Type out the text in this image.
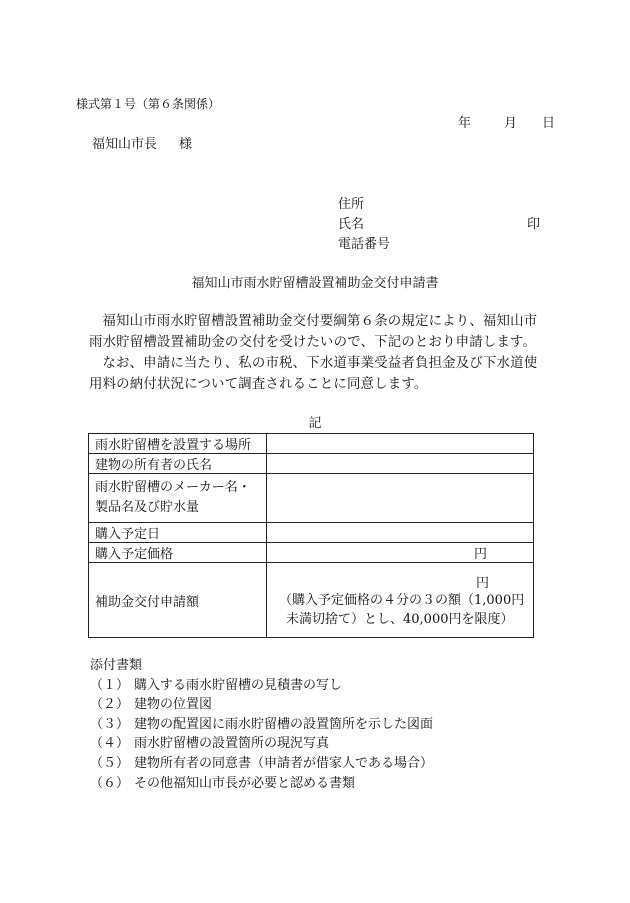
様式第１号（第６条関係）
年	月 日
福知山市長 様
住所
氏名	印
電話番号
福知山市雨水貯留槽設置補助金交付申請書

福知山市雨水貯留槽設置補助金交付要綱第６条の規定により、福知山市雨水貯留槽設置補助金の交付を受けたいので、下記のとおり申請します。

なお、申請に当たり、私の市税、下水道事業受益者負担金及び下水道使用料の納付状況について調査されることに同意します。

記
雨水貯留槽を設置する場所	
建物の所有者の氏名	

雨水貯留槽のメーカー名・
製品名及び貯水量	

購入予定日	
購入予定価格	円
補助金交付申請額	円
（購入予定価格の４分の３の額（1,000円
未満切捨て）とし、40,000円を限度）
添付書類
（１） 購入する雨水貯留槽の見積書の写し
（２） 建物の位置図
（３） 建物の配置図に雨水貯留槽の設置箇所を示した図面
（４） 雨水貯留槽の設置箇所の現況写真
（５） 建物所有者の同意書（申請者が借家人である場合）
（６） その他福知山市長が必要と認める書類
